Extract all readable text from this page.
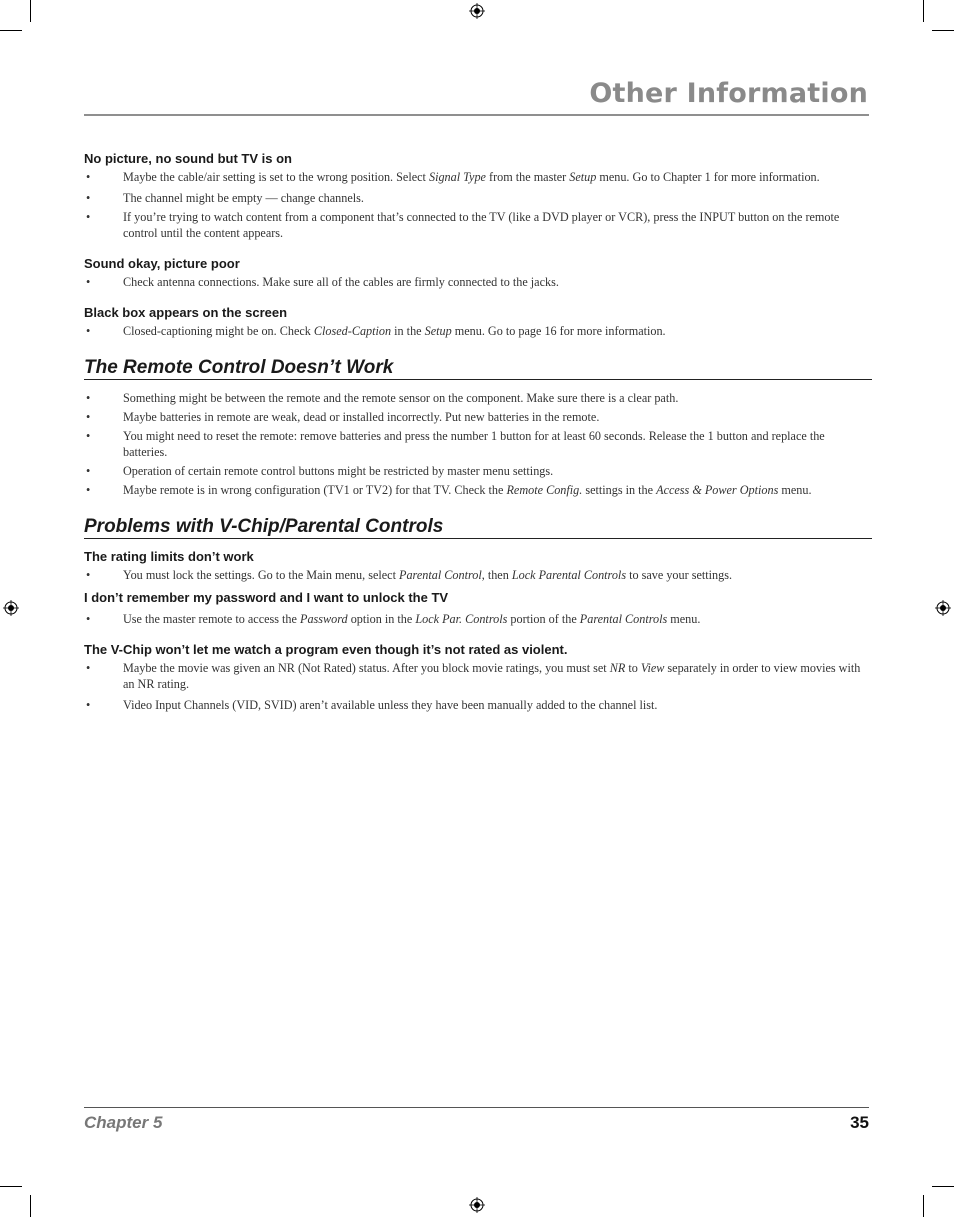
Other Information
No picture, no sound but TV is on
•	Maybe the cable/air setting is set to the wrong position. Select Signal Type from the master Setup menu. Go to Chapter 1 for more information.
•	The channel might be empty — change channels.
•	If you’re trying to watch content from a component that’s connected to the TV (like a DVD player or VCR), press the INPUT button on the remote control until the content appears.
Sound okay, picture poor
•	Check antenna connections. Make sure all of the cables are firmly connected to the jacks.
Black box appears on the screen
•	Closed-captioning might be on. Check Closed-Caption in the Setup menu. Go to page 16 for more information.
The Remote Control Doesn’t Work
•	Something might be between the remote and the remote sensor on the component. Make sure there is a clear path.
•	Maybe batteries in remote are weak, dead or installed incorrectly. Put new batteries in the remote.
•	You might need to reset the remote: remove batteries and press the number 1 button for at least 60 seconds. Release the 1 button and replace the batteries.
•	Operation of certain remote control buttons might be restricted by master menu settings.
•	Maybe remote is in wrong configuration (TV1 or TV2) for that TV. Check the Remote Config. settings in the Access & Power Options menu.
Problems with V-Chip/Parental Controls
The rating limits don’t work
•	You must lock the settings. Go to the Main menu, select Parental Control, then Lock Parental Controls to save your settings.
I don’t remember my password and I want to unlock the TV
•	Use the master remote to access the Password option in the Lock Par. Controls portion of the Parental Controls menu.
The V-Chip won’t let me watch a program even though it’s not rated as violent.
•	Maybe the movie was given an NR (Not Rated) status. After you block movie ratings, you must set NR to View separately in order to view movies with an NR rating.
•	Video Input Channels (VID, SVID) aren’t available unless they have been manually added to the channel list.
Chapter 5	35
